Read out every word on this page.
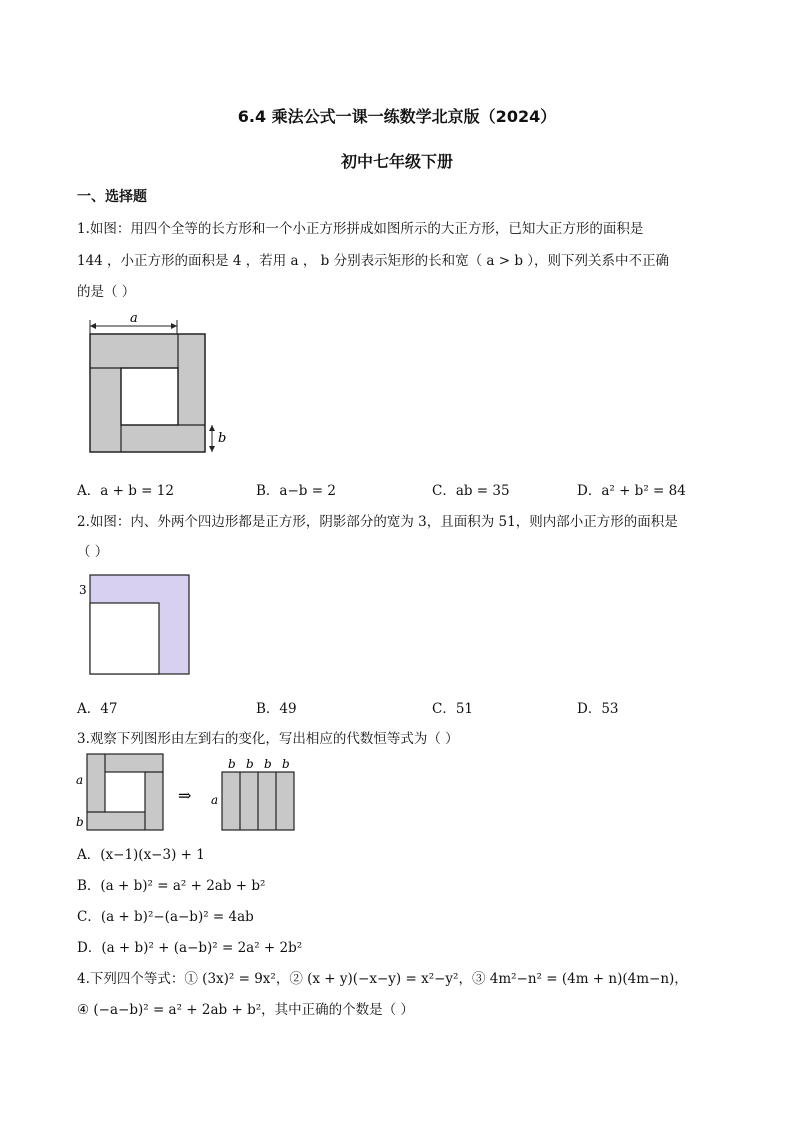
6.4 乘法公式一课一练数学北京版（2024）
初中七年级下册
一、选择题
1.如图：用四个全等的长方形和一个小正方形拼成如图所示的大正方形，已知大正方形的面积是
144 ，小正方形的面积是 4 ，若用 a ， b 分别表示矩形的长和宽（ a > b ），则下列关系中不正确
的是（ ）
a
b
A．a + b = 12	B．a−b = 2	C．ab = 35	D．a² + b² = 84
2.如图：内、外两个四边形都是正方形，阴影部分的宽为 3，且面积为 51，则内部小正方形的面积是
（ ）
3
A．47	B．49	C．51	D．53
3.观察下列图形由左到右的变化，写出相应的代数恒等式为（ ）
a
b
⇒
b b b b
a
A．(x−1)(x−3) + 1
B．(a + b)² = a² + 2ab + b²
C．(a + b)²−(a−b)² = 4ab
D．(a + b)² + (a−b)² = 2a² + 2b²
4.下列四个等式：① (3x)² = 9x²，② (x + y)(−x−y) = x²−y²，③ 4m²−n² = (4m + n)(4m−n)，
④ (−a−b)² = a² + 2ab + b²，其中正确的个数是（ ）
